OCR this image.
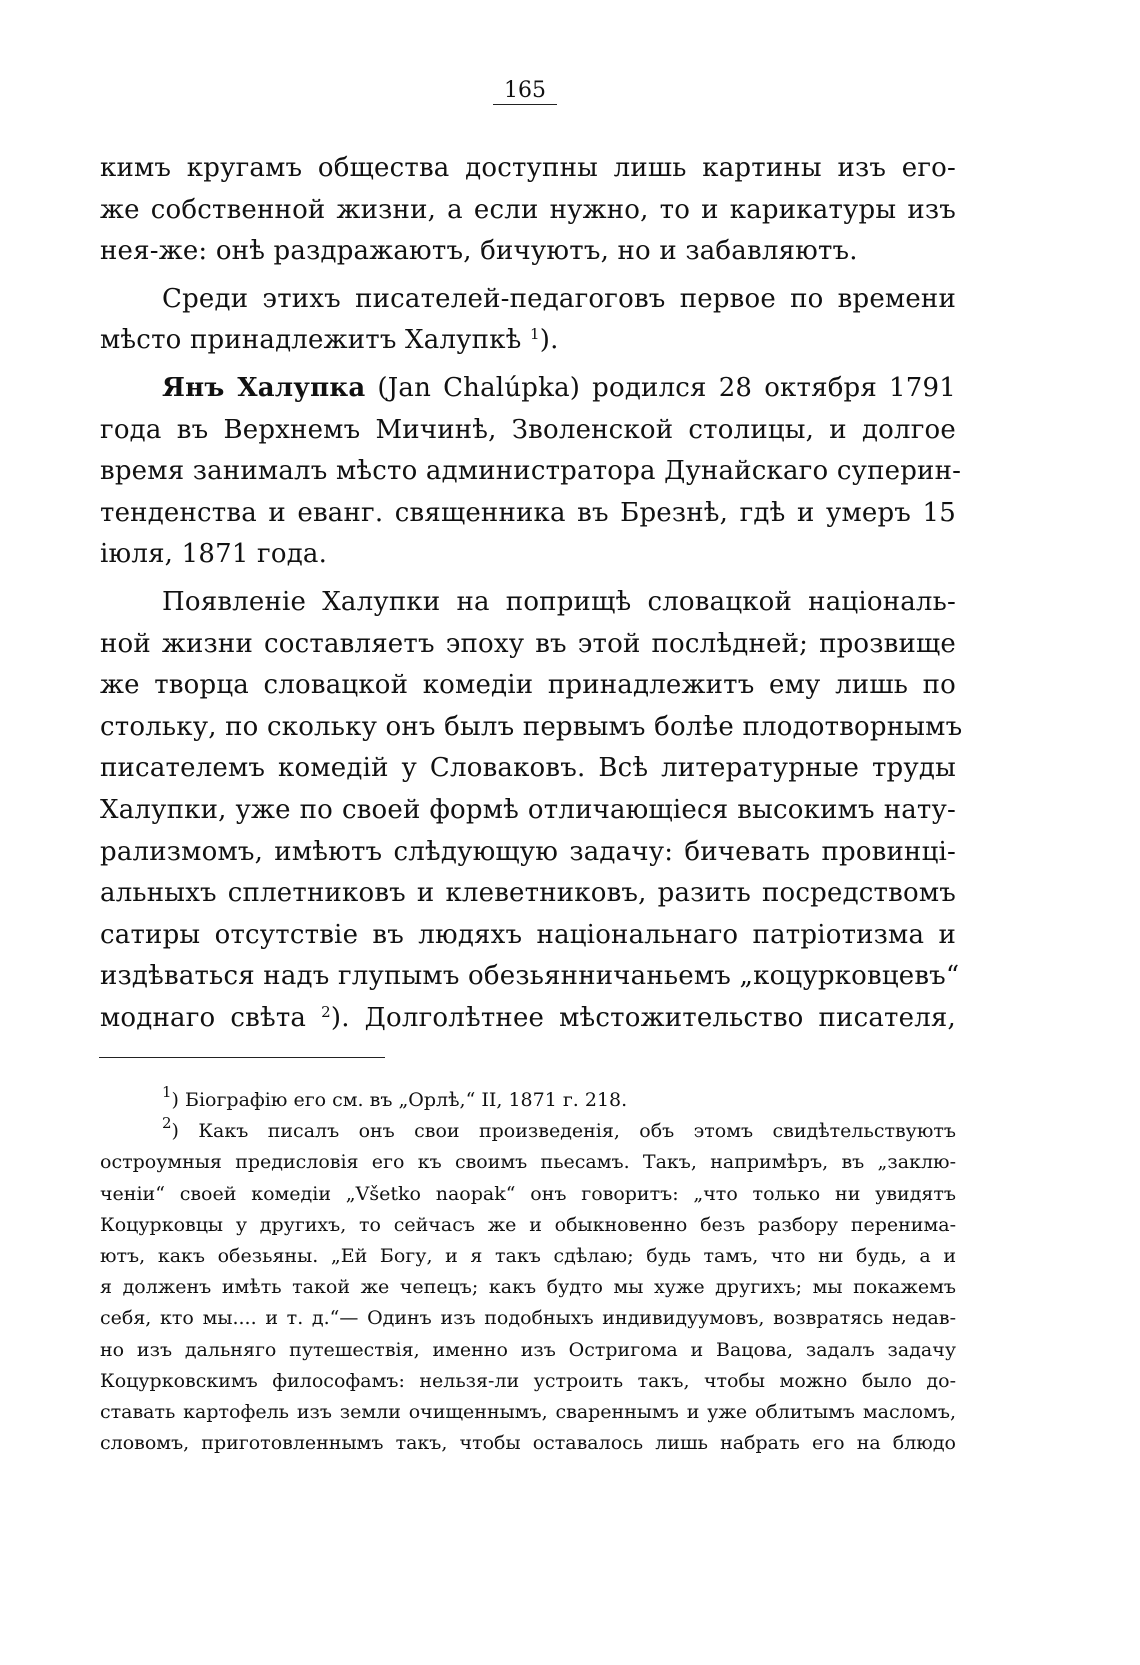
165
кимъ кругамъ общества доступны лишь картины изъ его-
же собственной жизни, а если нужно, то и карикатуры изъ
нея-же: онѣ раздражаютъ, бичуютъ, но и забавляютъ.
Среди этихъ писателей-педагоговъ первое по времени
мѣсто принадлежитъ Халупкѣ $^1$).
Янъ Халупка (Jan Chalúpka) родился 28 октября 1791
года въ Верхнемъ Мичинѣ, Зволенской столицы, и долгое
время занималъ мѣсто администратора Дунайскаго суперин-
тенденства и еванг. священника въ Брезнѣ, гдѣ и умеръ 15
іюля, 1871 года.
Появленіе Халупки на поприщѣ словацкой національ-
ной жизни составляетъ эпоху въ этой послѣдней; прозвище
же творца словацкой комедіи принадлежитъ ему лишь по
стольку, по скольку онъ былъ первымъ болѣе плодотворнымъ
писателемъ комедій у Словаковъ. Всѣ литературные труды
Халупки, уже по своей формѣ отличающіеся высокимъ нату-
рализмомъ, имѣютъ слѣдующую задачу: бичевать провинці-
альныхъ сплетниковъ и клеветниковъ, разить посредствомъ
сатиры отсутствіе въ людяхъ національнаго патріотизма и
издѣваться надъ глупымъ обезьянничаньемъ „коцурковцевъ“
моднаго свѣта $^2$). Долголѣтнее мѣстожительство писателя,
$^1$) Біографію его см. въ „Орлѣ,“ II, 1871 г. 218.
$^2$) Какъ писалъ онъ свои произведенія, объ этомъ свидѣтельствуютъ
остроумныя предисловія его къ своимъ пьесамъ. Такъ, напримѣръ, въ „заклю-
ченіи“ своей комедіи „Všetko naopak“ онъ говоритъ: „что только ни увидятъ
Коцурковцы у другихъ, то сейчасъ же и обыкновенно безъ разбору перенима-
ютъ, какъ обезьяны. „Ей Богу, и я такъ сдѣлаю; будь тамъ, что ни будь, а и
я долженъ имѣть такой же чепецъ; какъ будто мы хуже другихъ; мы покажемъ
себя, кто мы.... и т. д.“— Одинъ изъ подобныхъ индивидуумовъ, возвратясь недав-
но изъ дальняго путешествія, именно изъ Остригома и Вацова, задалъ задачу
Коцурковскимъ философамъ: нельзя-ли устроить такъ, чтобы можно было до-
ставать картофель изъ земли очищеннымъ, свареннымъ и уже облитымъ масломъ,
словомъ, приготовленнымъ такъ, чтобы оставалось лишь набрать его на блюдо
